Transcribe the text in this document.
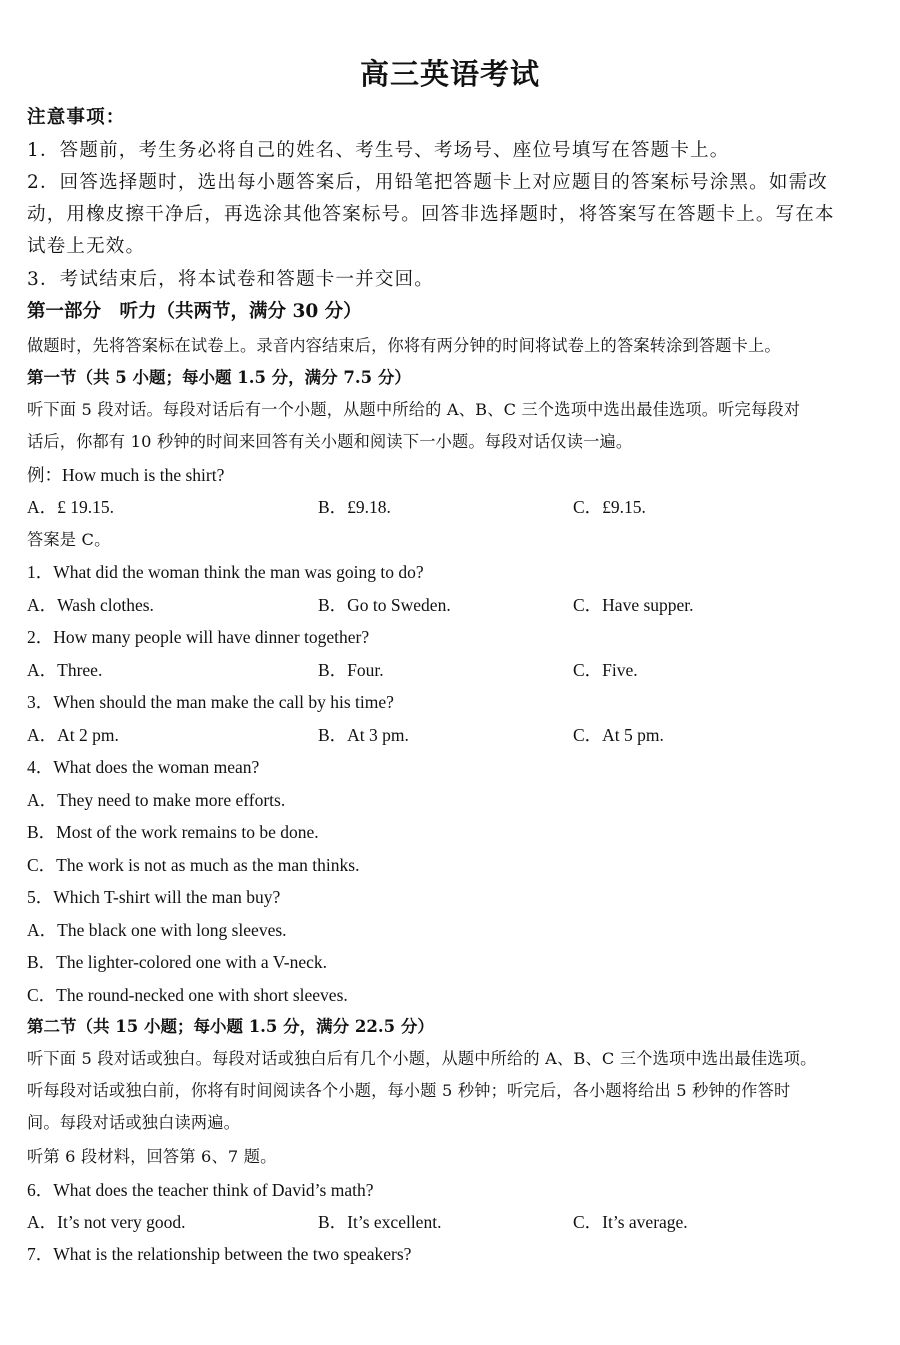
高三英语考试
注意事项：
1．答题前，考生务必将自己的姓名、考生号、考场号、座位号填写在答题卡上。
2．回答选择题时，选出每小题答案后，用铅笔把答题卡上对应题目的答案标号涂黑。如需改
动，用橡皮擦干净后，再选涂其他答案标号。回答非选择题时，将答案写在答题卡上。写在本
试卷上无效。
3．考试结束后，将本试卷和答题卡一并交回。
第一部分　听力（共两节，满分 30 分）
做题时，先将答案标在试卷上。录音内容结束后，你将有两分钟的时间将试卷上的答案转涂到答题卡上。
第一节（共 5 小题；每小题 1.5 分，满分 7.5 分）
听下面 5 段对话。每段对话后有一个小题，从题中所给的 A、B、C 三个选项中选出最佳选项。听完每段对
话后，你都有 10 秒钟的时间来回答有关小题和阅读下一小题。每段对话仅读一遍。
例：How much is the shirt?
A．£ 19.15.	B．£9.18.	C．£9.15.
答案是 C。
1．What did the woman think the man was going to do?
A．Wash clothes.	B．Go to Sweden.	C．Have supper.
2．How many people will have dinner together?
A．Three.	B．Four.	C．Five.
3．When should the man make the call by his time?
A．At 2 pm.	B．At 3 pm.	C．At 5 pm.
4．What does the woman mean?
A．They need to make more efforts.
B．Most of the work remains to be done.
C．The work is not as much as the man thinks.
5．Which T-shirt will the man buy?
A．The black one with long sleeves.
B．The lighter-colored one with a V-neck.
C．The round-necked one with short sleeves.
第二节（共 15 小题；每小题 1.5 分，满分 22.5 分）
听下面 5 段对话或独白。每段对话或独白后有几个小题，从题中所给的 A、B、C 三个选项中选出最佳选项。
听每段对话或独白前，你将有时间阅读各个小题，每小题 5 秒钟；听完后，各小题将给出 5 秒钟的作答时
间。每段对话或独白读两遍。
听第 6 段材料，回答第 6、7 题。
6．What does the teacher think of David’s math?
A．It’s not very good.	B．It’s excellent.	C．It’s average.
7．What is the relationship between the two speakers?
